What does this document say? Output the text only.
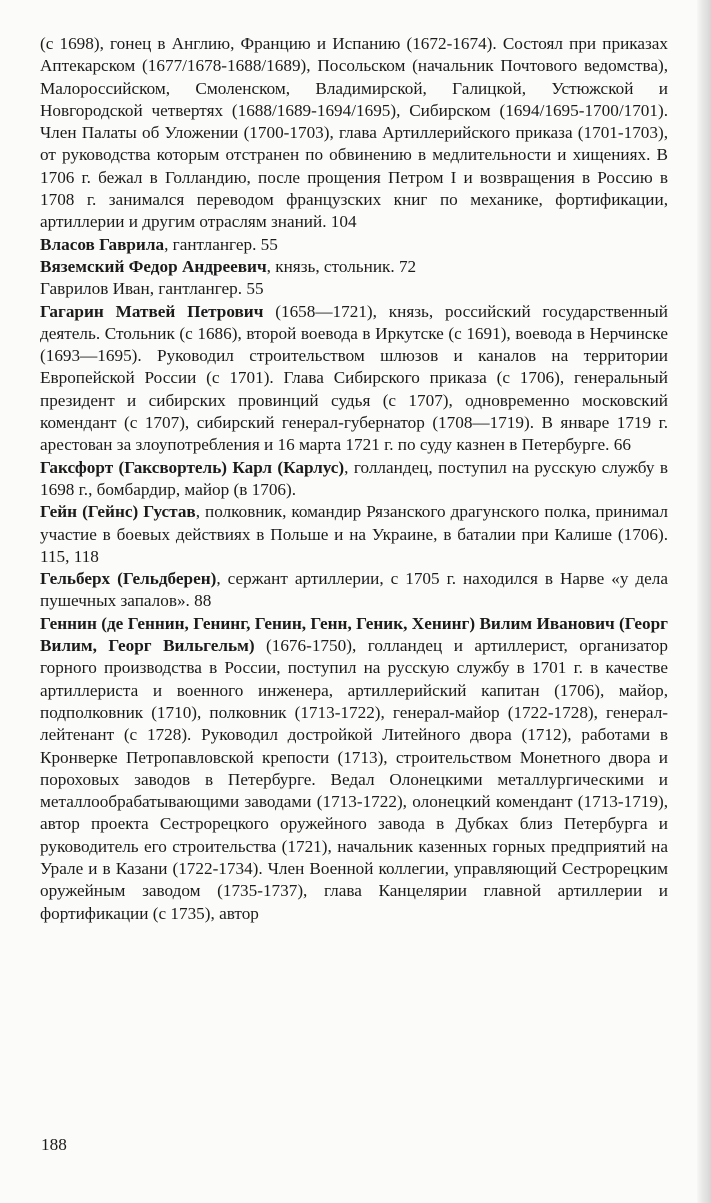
(с 1698), гонец в Англию, Францию и Испанию (1672-1674). Состоял при приказах Аптекарском (1677/1678-1688/1689), Посольском (начальник Почтового ведомства), Малороссийском, Смоленском, Владимирской, Галицкой, Устюжской и Новгородской четвертях (1688/1689-1694/1695), Сибирском (1694/1695-1700/1701). Член Палаты об Уложении (1700-1703), глава Артиллерийского приказа (1701-1703), от руководства которым отстранен по обвинению в медлительности и хищениях. В 1706 г. бежал в Голландию, после прощения Петром I и возвращения в Россию в 1708 г. занимался переводом французских книг по механике, фортификации, артиллерии и другим отраслям знаний. 104

Власов Гаврила, гантлангер. 55

Вяземский Федор Андреевич, князь, стольник. 72

Гаврилов Иван, гантлангер. 55

Гагарин Матвей Петрович (1658—1721), князь, российский государственный деятель. Стольник (с 1686), второй воевода в Иркутске (с 1691), воевода в Нерчинске (1693—1695). Руководил строительством шлюзов и каналов на территории Европейской России (с 1701). Глава Сибирского приказа (с 1706), генеральный президент и сибирских провинций судья (с 1707), одновременно московский комендант (с 1707), сибирский генерал-губернатор (1708—1719). В январе 1719 г. арестован за злоупотребления и 16 марта 1721 г. по суду казнен в Петербурге. 66

Гаксфорт (Гаксвортель) Карл (Карлус), голландец, поступил на русскую службу в 1698 г., бомбардир, майор (в 1706).

Гейн (Гейнс) Густав, полковник, командир Рязанского драгунского полка, принимал участие в боевых действиях в Польше и на Украине, в баталии при Калише (1706). 115, 118

Гельберх (Гельдберен), сержант артиллерии, с 1705 г. находился в Нарве «у дела пушечных запалов». 88

Геннин (де Геннин, Генинг, Генин, Генн, Геник, Хенинг) Вилим Иванович (Георг Вилим, Георг Вильгельм) (1676-1750), голландец и артиллерист, организатор горного производства в России, поступил на русскую службу в 1701 г. в качестве артиллериста и военного инженера, артиллерийский капитан (1706), майор, подполковник (1710), полковник (1713-1722), генерал-майор (1722-1728), генерал-лейтенант (с 1728). Руководил достройкой Литейного двора (1712), работами в Кронверке Петропавловской крепости (1713), строительством Монетного двора и пороховых заводов в Петербурге. Ведал Олонецкими металлургическими и металлообрабатывающими заводами (1713-1722), олонецкий комендант (1713-1719), автор проекта Сестрорецкого оружейного завода в Дубках близ Петербурга и руководитель его строительства (1721), начальник казенных горных предприятий на Урале и в Казани (1722-1734). Член Военной коллегии, управляющий Сестрорецким оружейным заводом (1735-1737), глава Канцелярии главной артиллерии и фортификации (с 1735), автор

188
